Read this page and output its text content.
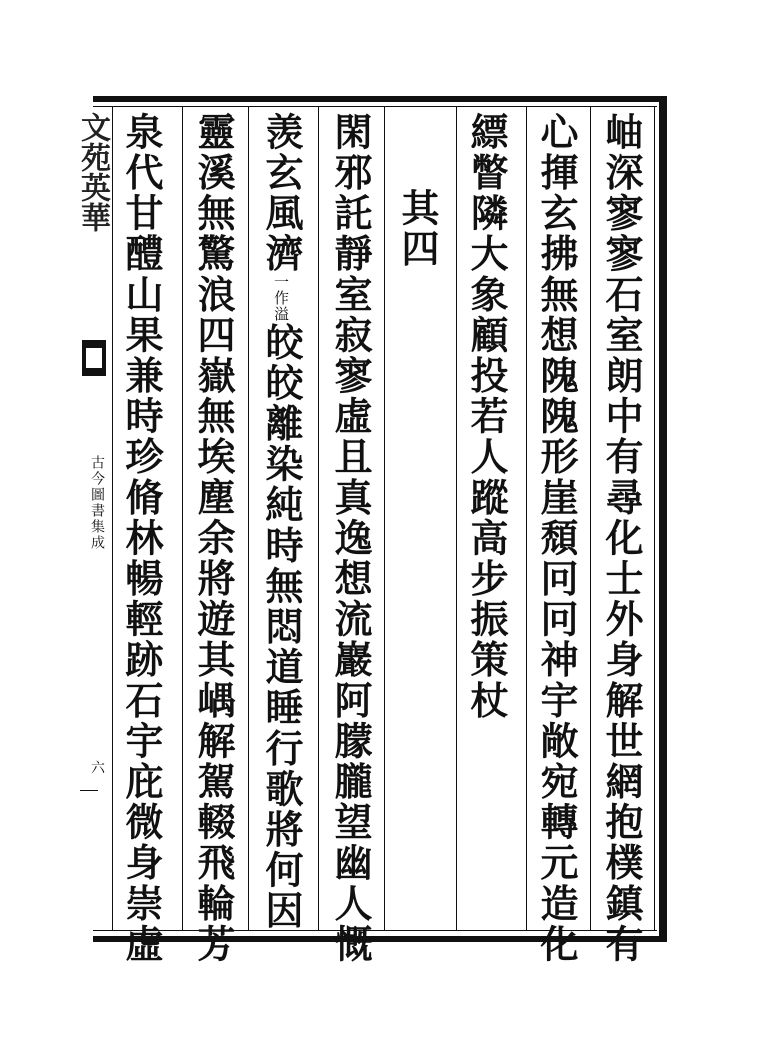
岫深寥寥石室朗中有尋化士外身解世網抱樸鎮有
心揮玄拂無想隗隗形崖頹冋冋神宇敞宛轉元造化
縹瞥隣大象顧投若人蹤高步振策杖
其四
閑邪託靜室寂寥虛且真逸想流巖阿朦朧望幽人慨
羡玄風濟一作溢皎皎離染純時無悶道睡行歌將何因
靈溪無驚浪四嶽無埃塵余將遊其嵎解駕輟飛輪芳
泉代甘醴山果兼時珍脩林暢輕跡石宇庇微身崇虛
文苑英華
古今圖書集成
六
